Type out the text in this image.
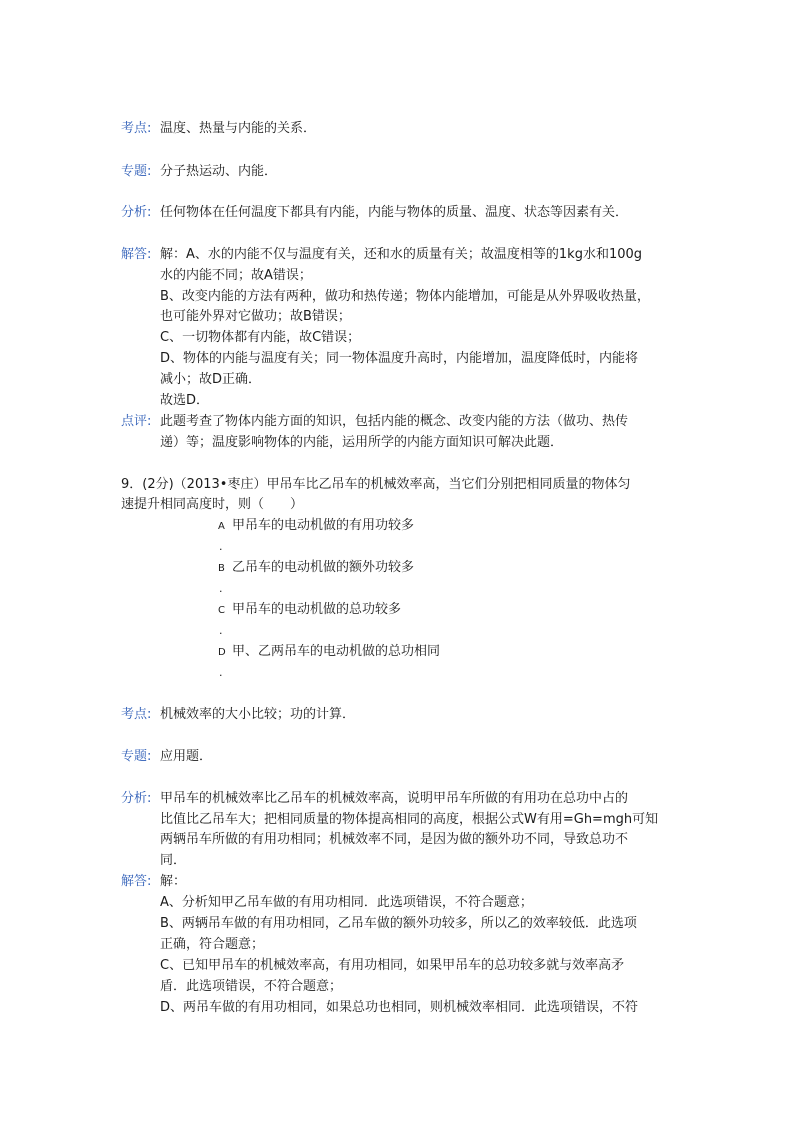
考点: 温度、热量与内能的关系．
专题: 分子热运动、内能．
分析: 任何物体在任何温度下都具有内能，内能与物体的质量、温度、状态等因素有关．
解答: 解：A、水的内能不仅与温度有关，还和水的质量有关；故温度相等的1kg水和100g
水的内能不同；故A错误；
B、改变内能的方法有两种，做功和热传递；物体内能增加，可能是从外界吸收热量，
也可能外界对它做功；故B错误；
C、一切物体都有内能，故C错误；
D、物体的内能与温度有关；同一物体温度升高时，内能增加，温度降低时，内能将
减小；故D正确．
故选D．
点评: 此题考查了物体内能方面的知识，包括内能的概念、改变内能的方法（做功、热传
递）等；温度影响物体的内能，运用所学的内能方面知识可解决此题．
9．(2分)（2013•枣庄）甲吊车比乙吊车的机械效率高，当它们分别把相同质量的物体匀
速提升相同高度时，则（　　）
A 甲吊车的电动机做的有用功较多
.
B 乙吊车的电动机做的额外功较多
.
C 甲吊车的电动机做的总功较多
.
D 甲、乙两吊车的电动机做的总功相同
.
考点: 机械效率的大小比较；功的计算．
专题: 应用题．
分析: 甲吊车的机械效率比乙吊车的机械效率高，说明甲吊车所做的有用功在总功中占的
比值比乙吊车大；把相同质量的物体提高相同的高度，根据公式W有用=Gh=mgh可知
两辆吊车所做的有用功相同；机械效率不同，是因为做的额外功不同，导致总功不
同．
解答: 解：
A、分析知甲乙吊车做的有用功相同．此选项错误，不符合题意；
B、两辆吊车做的有用功相同，乙吊车做的额外功较多，所以乙的效率较低．此选项
正确，符合题意；
C、已知甲吊车的机械效率高，有用功相同，如果甲吊车的总功较多就与效率高矛
盾．此选项错误，不符合题意；
D、两吊车做的有用功相同，如果总功也相同，则机械效率相同．此选项错误，不符
